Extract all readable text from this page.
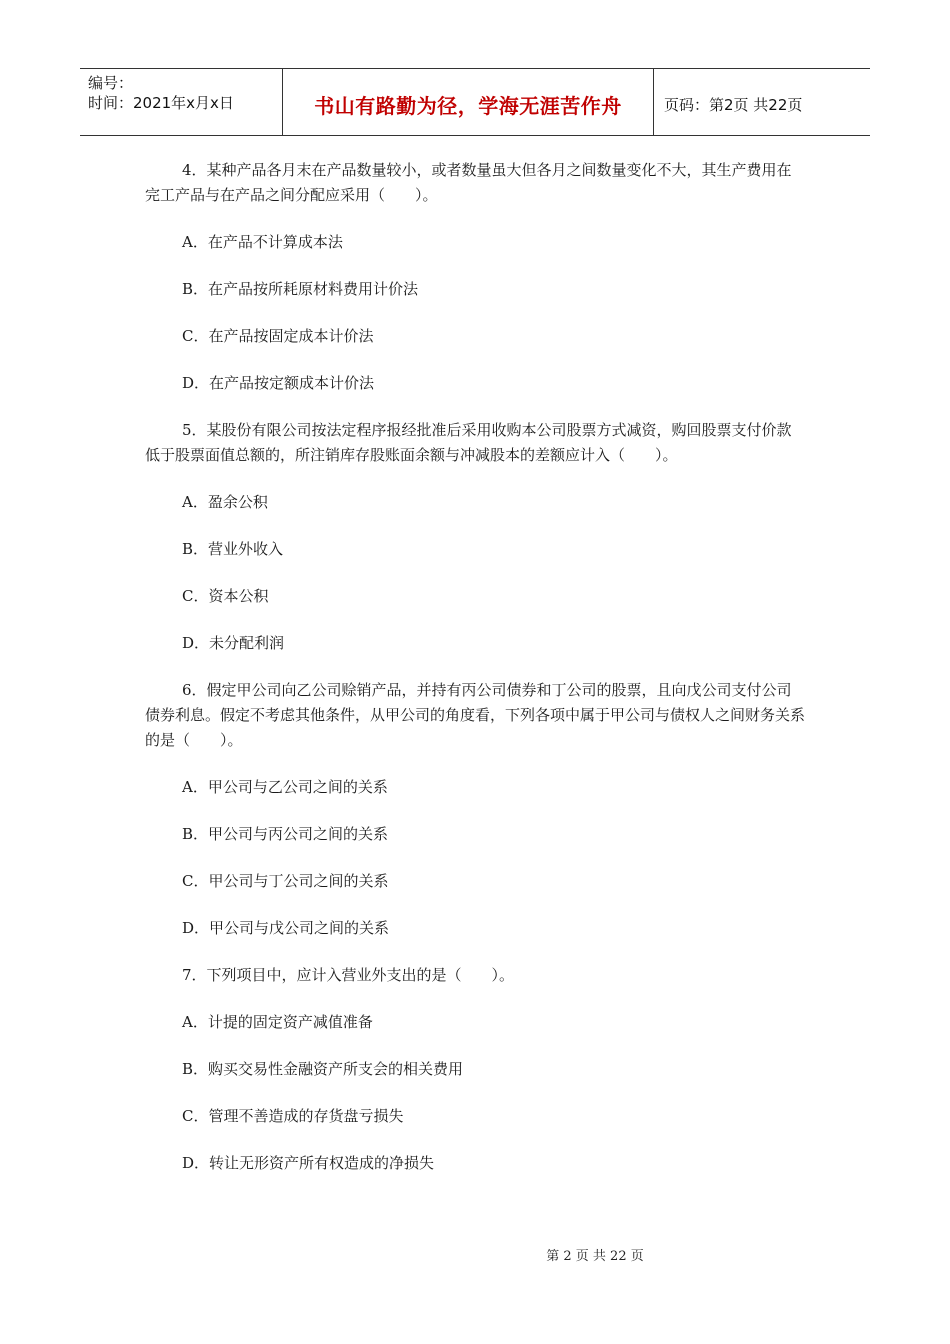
编号：
时间：2021年x月x日	书山有路勤为径，学海无涯苦作舟	页码：第2页 共22页

4．某种产品各月末在产品数量较小，或者数量虽大但各月之间数量变化不大，其生产费用在完工产品与在产品之间分配应采用（　　）。

A．在产品不计算成本法

B．在产品按所耗原材料费用计价法

C．在产品按固定成本计价法

D．在产品按定额成本计价法

5．某股份有限公司按法定程序报经批准后采用收购本公司股票方式减资，购回股票支付价款低于股票面值总额的，所注销库存股账面余额与冲减股本的差额应计入（　　）。

A．盈余公积

B．营业外收入

C．资本公积

D．未分配利润

6．假定甲公司向乙公司赊销产品，并持有丙公司债券和丁公司的股票，且向戊公司支付公司债券利息。假定不考虑其他条件，从甲公司的角度看，下列各项中属于甲公司与债权人之间财务关系的是（　　）。

A．甲公司与乙公司之间的关系

B．甲公司与丙公司之间的关系

C．甲公司与丁公司之间的关系

D．甲公司与戊公司之间的关系

7．下列项目中，应计入营业外支出的是（　　）。

A．计提的固定资产减值准备

B．购买交易性金融资产所支会的相关费用

C．管理不善造成的存货盘亏损失

D．转让无形资产所有权造成的净损失

第 2 页 共 22 页
